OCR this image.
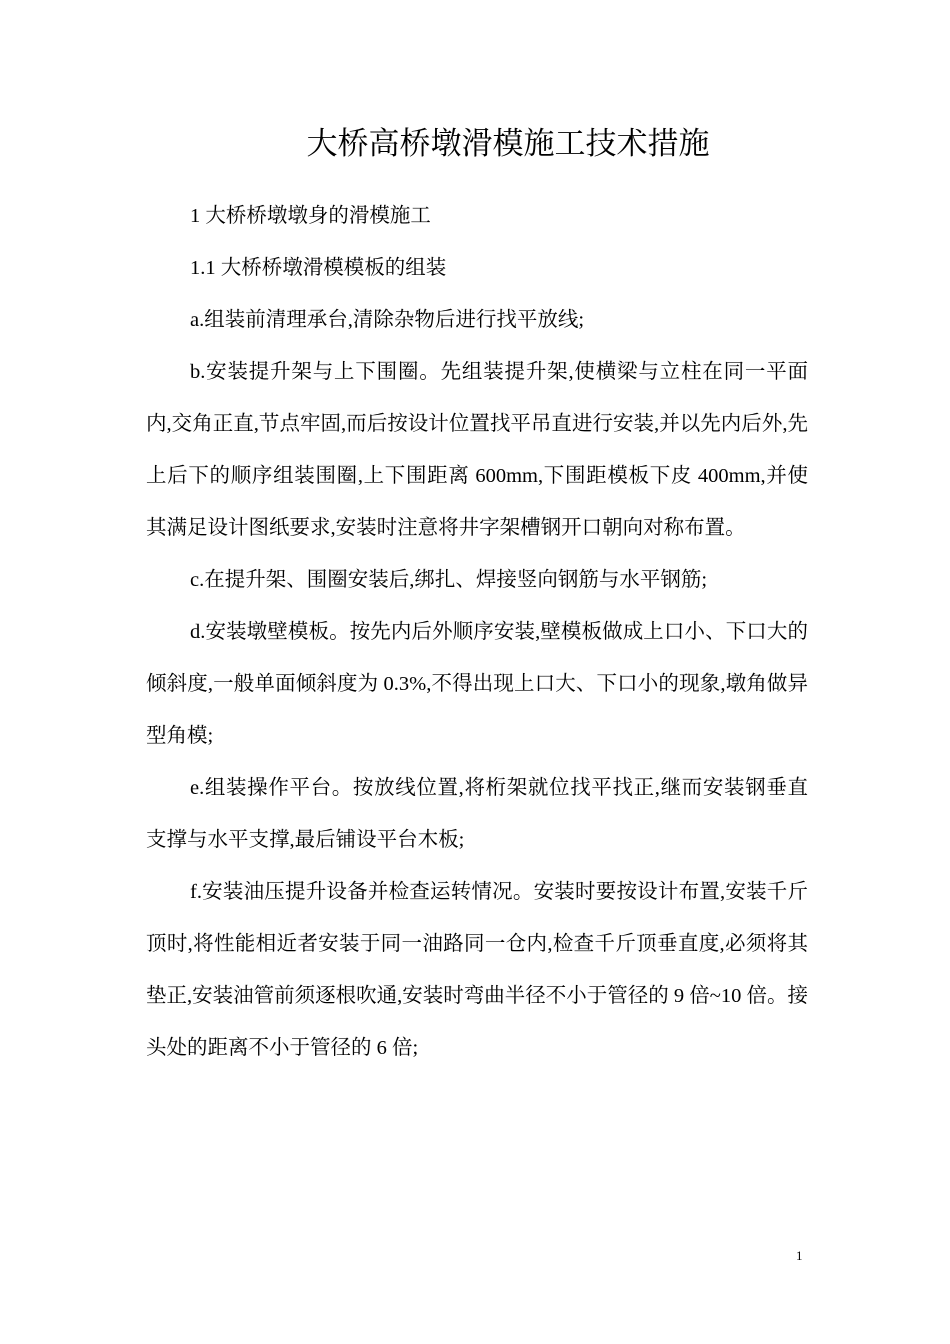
大桥高桥墩滑模施工技术措施

1 大桥桥墩墩身的滑模施工

1.1 大桥桥墩滑模模板的组装

a.组装前清理承台,清除杂物后进行找平放线;

b.安装提升架与上下围圈。先组装提升架,使横梁与立柱在同一平面内,交角正直,节点牢固,而后按设计位置找平吊直进行安装,并以先内后外,先上后下的顺序组装围圈,上下围距离 600mm,下围距模板下皮 400mm,并使其满足设计图纸要求,安装时注意将井字架槽钢开口朝向对称布置。

c.在提升架、围圈安装后,绑扎、焊接竖向钢筋与水平钢筋;

d.安装墩壁模板。按先内后外顺序安装,壁模板做成上口小、下口大的倾斜度,一般单面倾斜度为 0.3%,不得出现上口大、下口小的现象,墩角做异型角模;

e.组装操作平台。按放线位置,将桁架就位找平找正,继而安装钢垂直支撑与水平支撑,最后铺设平台木板;

f.安装油压提升设备并检查运转情况。安装时要按设计布置,安装千斤顶时,将性能相近者安装于同一油路同一仓内,检查千斤顶垂直度,必须将其垫正,安装油管前须逐根吹通,安装时弯曲半径不小于管径的 9 倍~10 倍。接头处的距离不小于管径的 6 倍;

1
